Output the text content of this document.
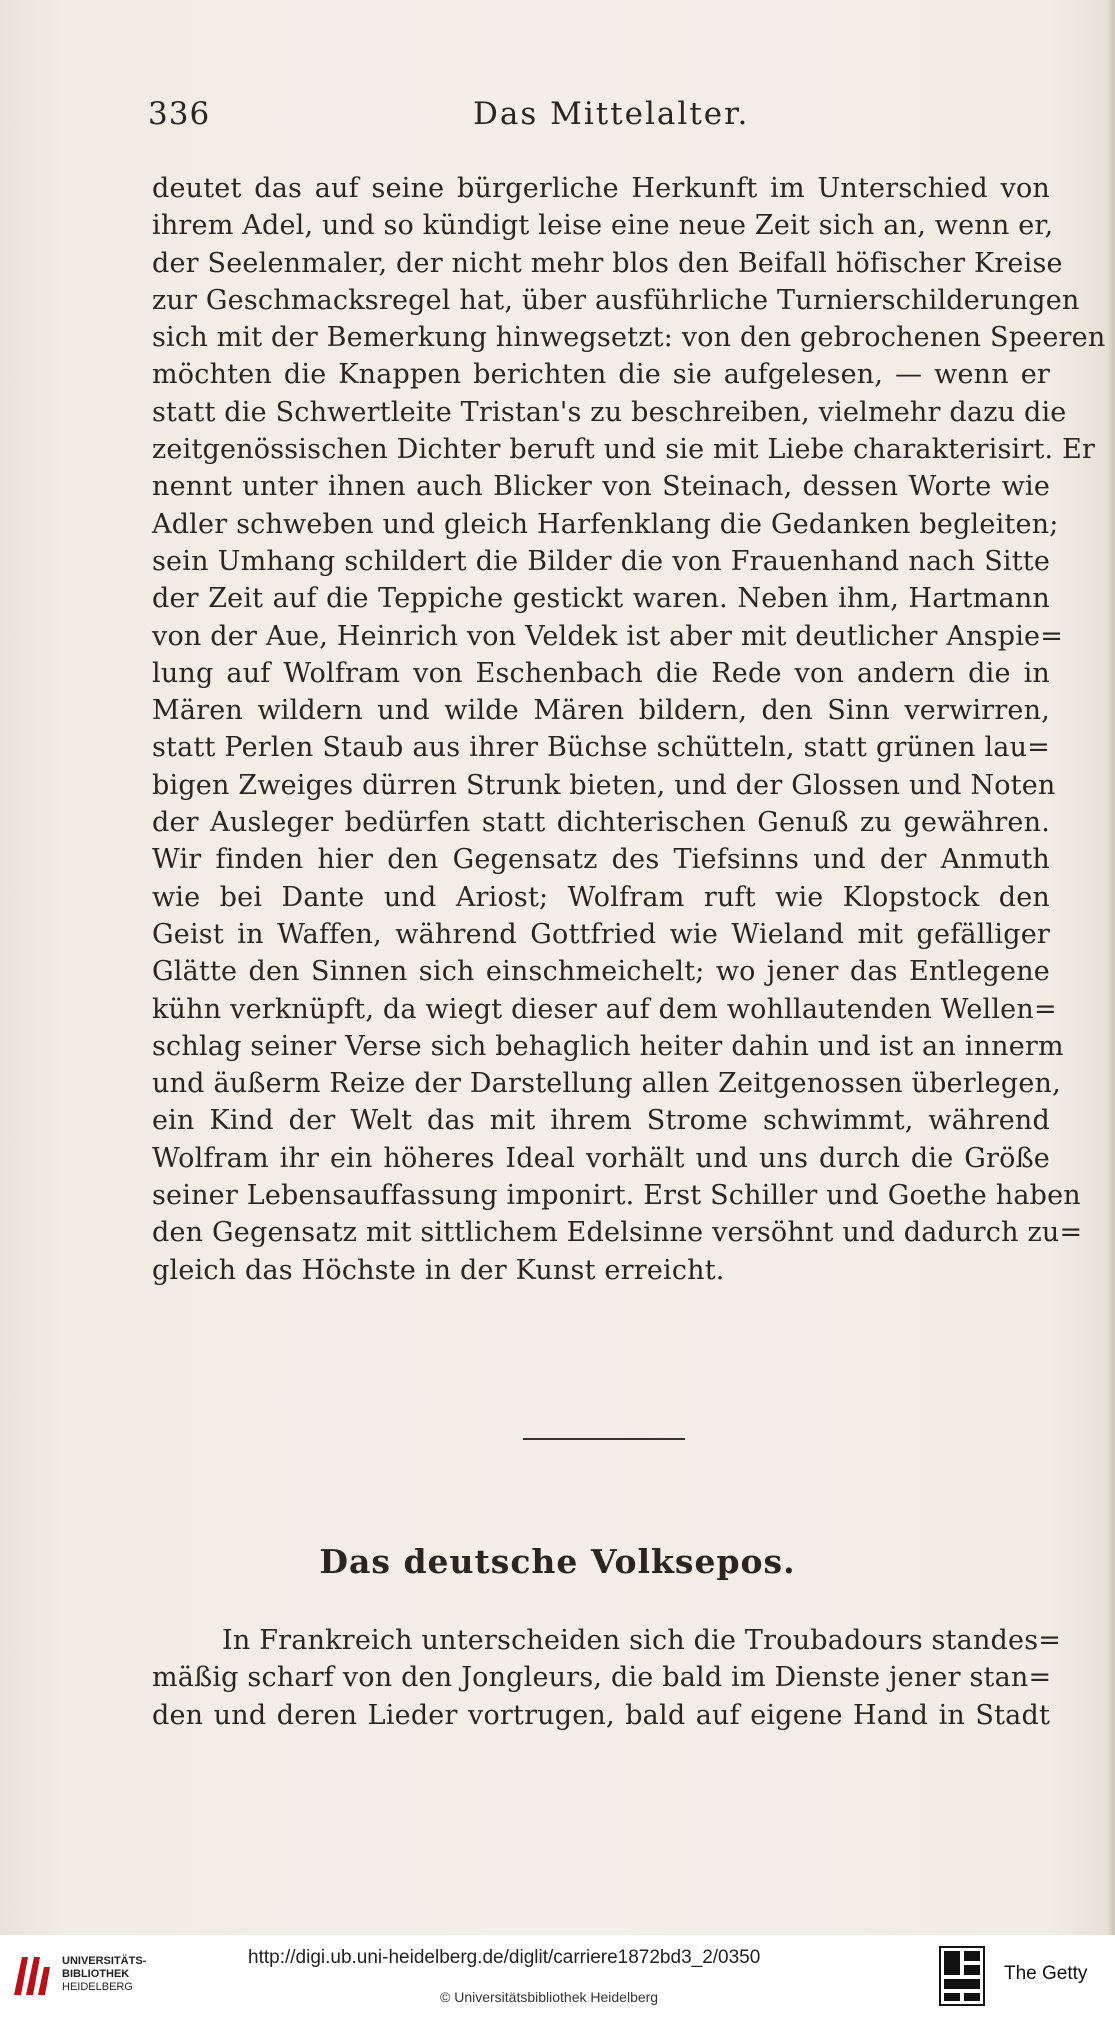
336	Das Mittelalter.
deutet das auf seine bürgerliche Herkunft im Unterschied von
ihrem Adel, und so kündigt leise eine neue Zeit sich an, wenn er,
der Seelenmaler, der nicht mehr blos den Beifall höfischer Kreise
zur Geschmacksregel hat, über ausführliche Turnierschilderungen
sich mit der Bemerkung hinwegsetzt: von den gebrochenen Speeren
möchten die Knappen berichten die sie aufgelesen, — wenn er
statt die Schwertleite Tristan's zu beschreiben, vielmehr dazu die
zeitgenössischen Dichter beruft und sie mit Liebe charakterisirt. Er
nennt unter ihnen auch Blicker von Steinach, dessen Worte wie
Adler schweben und gleich Harfenklang die Gedanken begleiten;
sein Umhang schildert die Bilder die von Frauenhand nach Sitte
der Zeit auf die Teppiche gestickt waren. Neben ihm, Hartmann
von der Aue, Heinrich von Veldek ist aber mit deutlicher Anspie=
lung auf Wolfram von Eschenbach die Rede von andern die in
Mären wildern und wilde Mären bildern, den Sinn verwirren,
statt Perlen Staub aus ihrer Büchse schütteln, statt grünen lau=
bigen Zweiges dürren Strunk bieten, und der Glossen und Noten
der Ausleger bedürfen statt dichterischen Genuß zu gewähren.
Wir finden hier den Gegensatz des Tiefsinns und der Anmuth
wie bei Dante und Ariost; Wolfram ruft wie Klopstock den
Geist in Waffen, während Gottfried wie Wieland mit gefälliger
Glätte den Sinnen sich einschmeichelt; wo jener das Entlegene
kühn verknüpft, da wiegt dieser auf dem wohllautenden Wellen=
schlag seiner Verse sich behaglich heiter dahin und ist an innerm
und äußerm Reize der Darstellung allen Zeitgenossen überlegen,
ein Kind der Welt das mit ihrem Strome schwimmt, während
Wolfram ihr ein höheres Ideal vorhält und uns durch die Größe
seiner Lebensauffassung imponirt. Erst Schiller und Goethe haben
den Gegensatz mit sittlichem Edelsinne versöhnt und dadurch zu=
gleich das Höchste in der Kunst erreicht.
Das deutsche Volksepos.
In Frankreich unterscheiden sich die Troubadours standes=
mäßig scharf von den Jongleurs, die bald im Dienste jener stan=
den und deren Lieder vortrugen, bald auf eigene Hand in Stadt
UNIVERSITÄTS-
BIBLIOTHEK
HEIDELBERG
http://digi.ub.uni-heidelberg.de/diglit/carriere1872bd3_2/0350
© Universitätsbibliothek Heidelberg
The Getty
